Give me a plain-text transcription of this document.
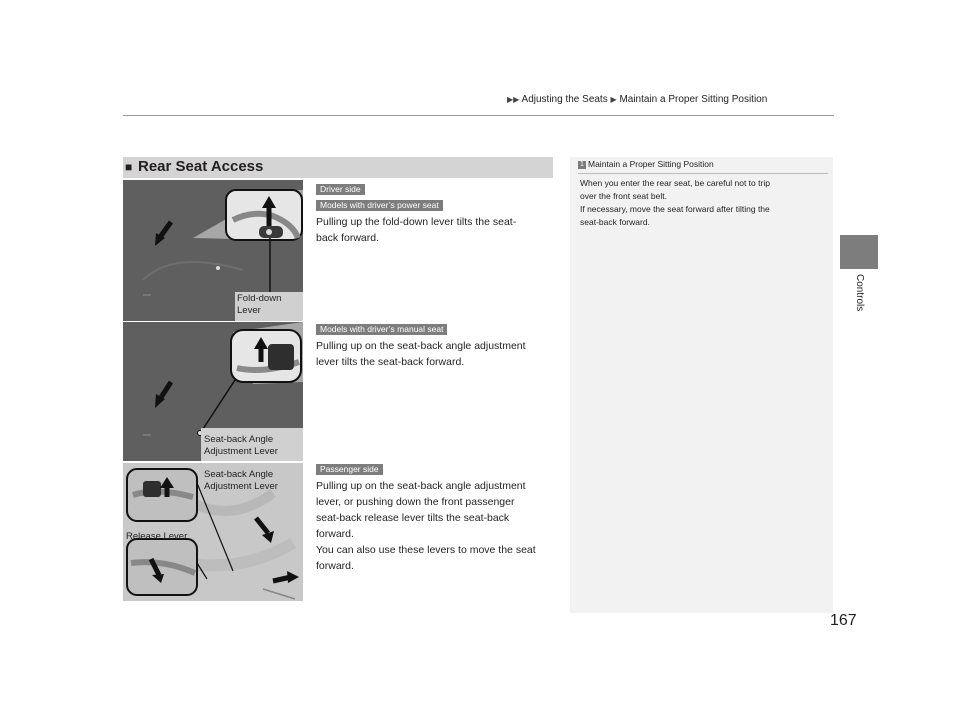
▶▶ Adjusting the Seats ▶ Maintain a Proper Sitting Position
Controls
■ Rear Seat Access	1 Maintain a Proper Sitting Position
When you enter the rear seat, be careful not to trip
over the front seat belt.
If necessary, move the seat forward after tilting the
seat-back forward.
Fold-down
Lever
Driver side
Models with driver’s power seat
Pulling up the fold-down lever tilts the seat-
back forward.
Seat-back Angle
Adjustment Lever
Models with driver’s manual seat
Pulling up on the seat-back angle adjustment
lever tilts the seat-back forward.
Seat-back Angle
Adjustment Lever
Release Lever
Passenger side
Pulling up on the seat-back angle adjustment
lever, or pushing down the front passenger
seat-back release lever tilts the seat-back
forward.
You can also use these levers to move the seat
forward.
167
